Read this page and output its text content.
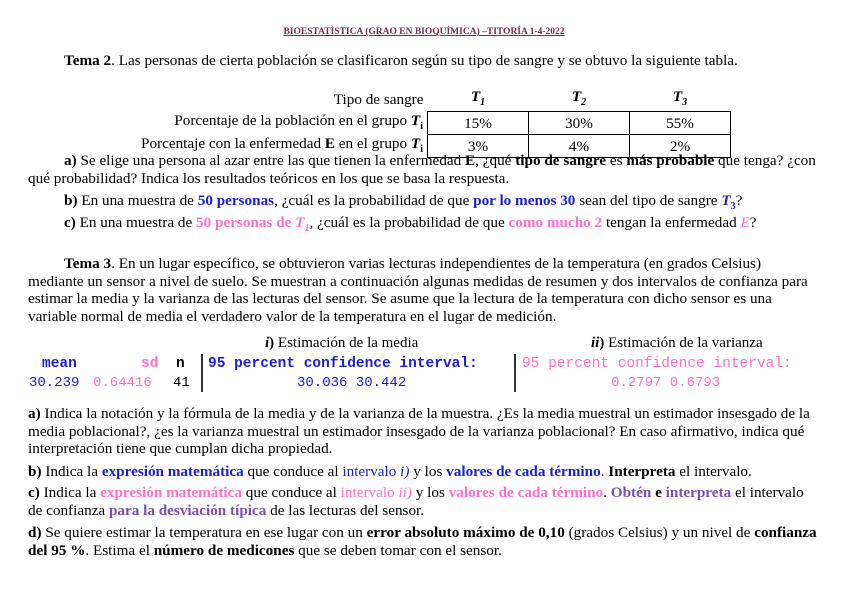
BIOESTATÍSTICA (GRAO EN BIOQUÍMICA) –TITORÍA 1-4-2022

Tema 2. Las personas de cierta población se clasificaron según su tipo de sangre y se obtuvo la siguiente tabla.

Tipo de sangre	$T_1$	$T_2$	$T_3$
Porcentaje de la población en el grupo $T_i$	15%	30%	55%
Porcentaje con la enfermedad E en el grupo $T_i$	3%	4%	2%

a) Se elige una persona al azar entre las que tienen la enfermedad E, ¿qué tipo de sangre es más probable que tenga? ¿con qué probabilidad? Indica los resultados teóricos en los que se basa la respuesta.

b) En una muestra de 50 personas, ¿cuál es la probabilidad de que por lo menos 30 sean del tipo de sangre $T_3$?

c) En una muestra de 50 personas de $T_1$, ¿cuál es la probabilidad de que como mucho 2 tengan la enfermedad E?

Tema 3. En un lugar específico, se obtuvieron varias lecturas independientes de la temperatura (en grados Celsius) mediante un sensor a nivel de suelo. Se muestran a continuación algunas medidas de resumen y dos intervalos de confianza para estimar la media y la varianza de las lecturas del sensor. Se asume que la lectura de la temperatura con dicho sensor es una variable normal de media el verdadero valor de la temperatura en el lugar de medición.

i) Estimación de la media	ii) Estimación de la varianza
mean	sd n
30.239 0.64416 41
95 percent confidence interval:
30.036 30.442
95 percent confidence interval:
0.2797 0.6793

a) Indica la notación y la fórmula de la media y de la varianza de la muestra. ¿Es la media muestral un estimador insesgado de la media poblacional?, ¿es la varianza muestral un estimador insesgado de la varianza poblacional? En caso afirmativo, indica qué interpretación tiene que cumplan dicha propiedad.

b) Indica la expresión matemática que conduce al intervalo i) y los valores de cada término. Interpreta el intervalo.

c) Indica la expresión matemática que conduce al intervalo ii) y los valores de cada término. Obtén e interpreta el intervalo de confianza para la desviación típica de las lecturas del sensor.

d) Se quiere estimar la temperatura en ese lugar con un error absoluto máximo de 0,10 (grados Celsius) y un nivel de confianza del 95 %. Estima el número de medicones que se deben tomar con el sensor.
